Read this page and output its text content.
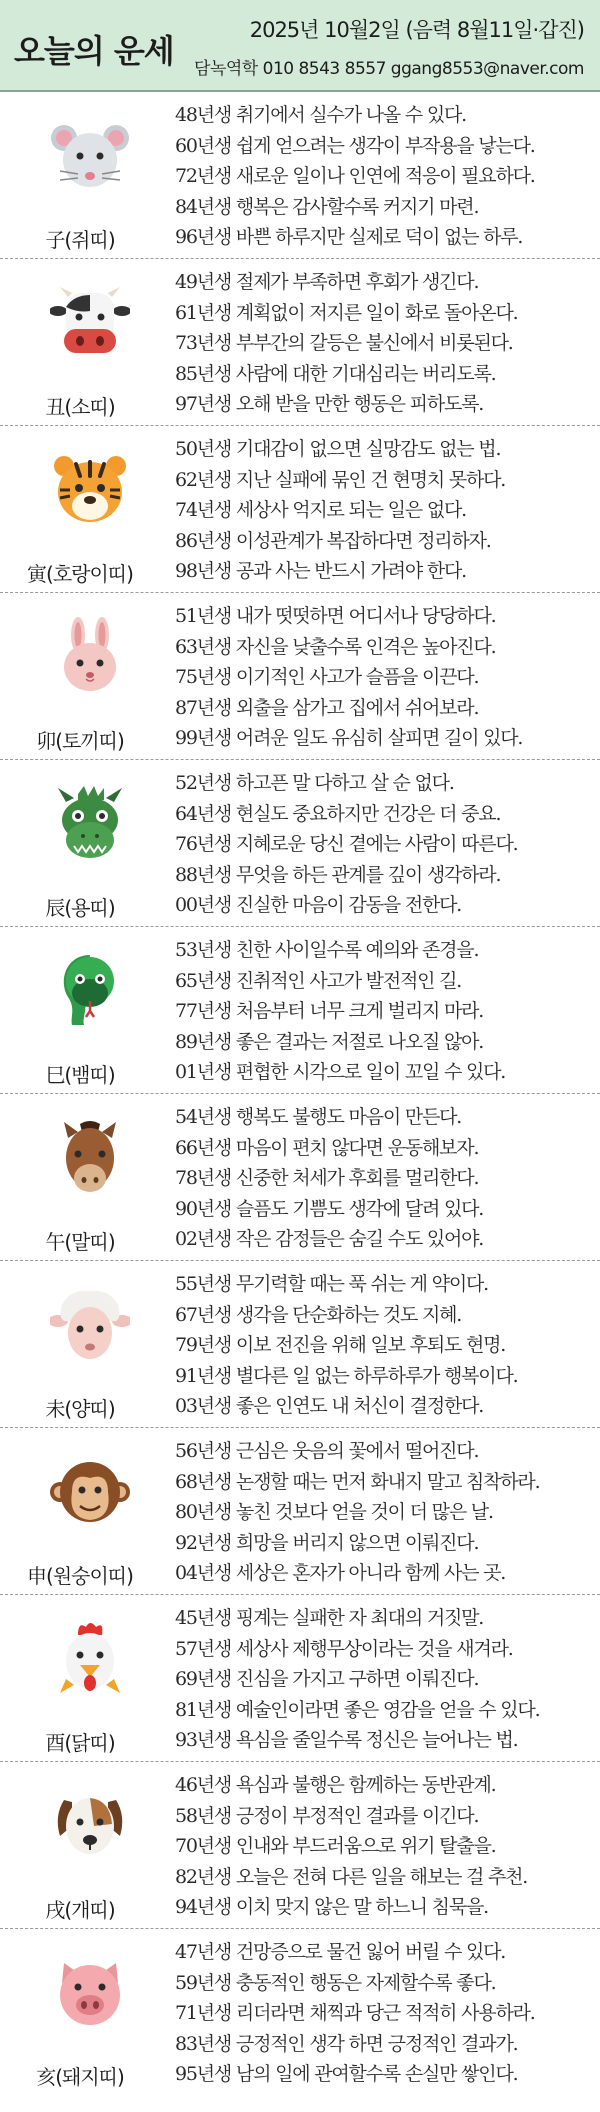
오늘의 운세
2025년 10월2일 (음력 8월11일·갑진)
담녹역학 010 8543 8557 ggang8553@naver.com
子(쥐띠)
48년생 취기에서 실수가 나올 수 있다.
60년생 쉽게 얻으려는 생각이 부작용을 낳는다.
72년생 새로운 일이나 인연에 적응이 필요하다.
84년생 행복은 감사할수록 커지기 마련.
96년생 바쁜 하루지만 실제로 덕이 없는 하루.
丑(소띠)
49년생 절제가 부족하면 후회가 생긴다.
61년생 계획없이 저지른 일이 화로 돌아온다.
73년생 부부간의 갈등은 불신에서 비롯된다.
85년생 사람에 대한 기대심리는 버리도록.
97년생 오해 받을 만한 행동은 피하도록.
寅(호랑이띠)
50년생 기대감이 없으면 실망감도 없는 법.
62년생 지난 실패에 묶인 건 현명치 못하다.
74년생 세상사 억지로 되는 일은 없다.
86년생 이성관계가 복잡하다면 정리하자.
98년생 공과 사는 반드시 가려야 한다.
卯(토끼띠)
51년생 내가 떳떳하면 어디서나 당당하다.
63년생 자신을 낮출수록 인격은 높아진다.
75년생 이기적인 사고가 슬픔을 이끈다.
87년생 외출을 삼가고 집에서 쉬어보라.
99년생 어려운 일도 유심히 살피면 길이 있다.
辰(용띠)
52년생 하고픈 말 다하고 살 순 없다.
64년생 현실도 중요하지만 건강은 더 중요.
76년생 지혜로운 당신 곁에는 사람이 따른다.
88년생 무엇을 하든 관계를 깊이 생각하라.
00년생 진실한 마음이 감동을 전한다.
巳(뱀띠)
53년생 친한 사이일수록 예의와 존경을.
65년생 진취적인 사고가 발전적인 길.
77년생 처음부터 너무 크게 벌리지 마라.
89년생 좋은 결과는 저절로 나오질 않아.
01년생 편협한 시각으로 일이 꼬일 수 있다.
午(말띠)
54년생 행복도 불행도 마음이 만든다.
66년생 마음이 편치 않다면 운동해보자.
78년생 신중한 처세가 후회를 멀리한다.
90년생 슬픔도 기쁨도 생각에 달려 있다.
02년생 작은 감정들은 숨길 수도 있어야.
未(양띠)
55년생 무기력할 때는 푹 쉬는 게 약이다.
67년생 생각을 단순화하는 것도 지혜.
79년생 이보 전진을 위해 일보 후퇴도 현명.
91년생 별다른 일 없는 하루하루가 행복이다.
03년생 좋은 인연도 내 처신이 결정한다.
申(원숭이띠)
56년생 근심은 웃음의 꽃에서 떨어진다.
68년생 논쟁할 때는 먼저 화내지 말고 침착하라.
80년생 놓친 것보다 얻을 것이 더 많은 날.
92년생 희망을 버리지 않으면 이뤄진다.
04년생 세상은 혼자가 아니라 함께 사는 곳.
酉(닭띠)
45년생 핑계는 실패한 자 최대의 거짓말.
57년생 세상사 제행무상이라는 것을 새겨라.
69년생 진심을 가지고 구하면 이뤄진다.
81년생 예술인이라면 좋은 영감을 얻을 수 있다.
93년생 욕심을 줄일수록 정신은 늘어나는 법.
戌(개띠)
46년생 욕심과 불행은 함께하는 동반관계.
58년생 긍정이 부정적인 결과를 이긴다.
70년생 인내와 부드러움으로 위기 탈출을.
82년생 오늘은 전혀 다른 일을 해보는 걸 추천.
94년생 이치 맞지 않은 말 하느니 침묵을.
亥(돼지띠)
47년생 건망증으로 물건 잃어 버릴 수 있다.
59년생 충동적인 행동은 자제할수록 좋다.
71년생 리더라면 채찍과 당근 적적히 사용하라.
83년생 긍정적인 생각 하면 긍정적인 결과가.
95년생 남의 일에 관여할수록 손실만 쌓인다.
